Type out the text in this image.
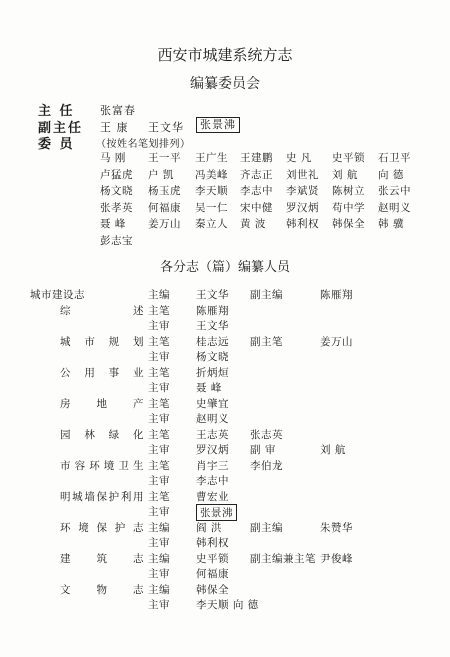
西安市城建系统方志
编纂委员会
主 任 张富春
副主任 王 康 王文华	张景沸
委 员 （按姓名笔划排列）
马 刚 王一平 王广生 王建鹏 史 凡 史平锁 石卫平
卢猛虎 户 凯 冯美峰 齐志正 刘世礼 刘 航 向 德
杨文晓 杨玉虎 李天顺 李志中 李斌贤 陈树立 张云中
张孝英 何福康 吴一仁 宋中健 罗汉炳 苟中学 赵明义
聂 峰 姜万山 秦立人 黄 波 韩利权 韩保全 韩 骥
彭志宝
各分志（篇）编纂人员
城市建设志	主编 王文华 副主编	陈雁翔
综 述 主笔 陈雁翔
主审 王文华
城市规划 主笔 桂志远 副主笔	姜万山
主审 杨文晓
公用事业 主笔 折炳烜
主审 聂 峰
房地产 主笔 史肇宜
主审 赵明义
园林绿化 主笔 王志英 张志英
主审 罗汉炳 副 审	刘 航
市容环境卫生 主笔 肖宇三 李伯龙
主审 李志中
明城墙保护利用 主笔 曹宏业
主审	张景沸
环境保护志 主编 阎 洪	副主编	朱赞华
主审 韩利权
建筑志 主编 史平锁 副主编兼主笔 尹俊峰
主审 何福康
文物志 主编 韩保全
主审 李天顺 向 德
